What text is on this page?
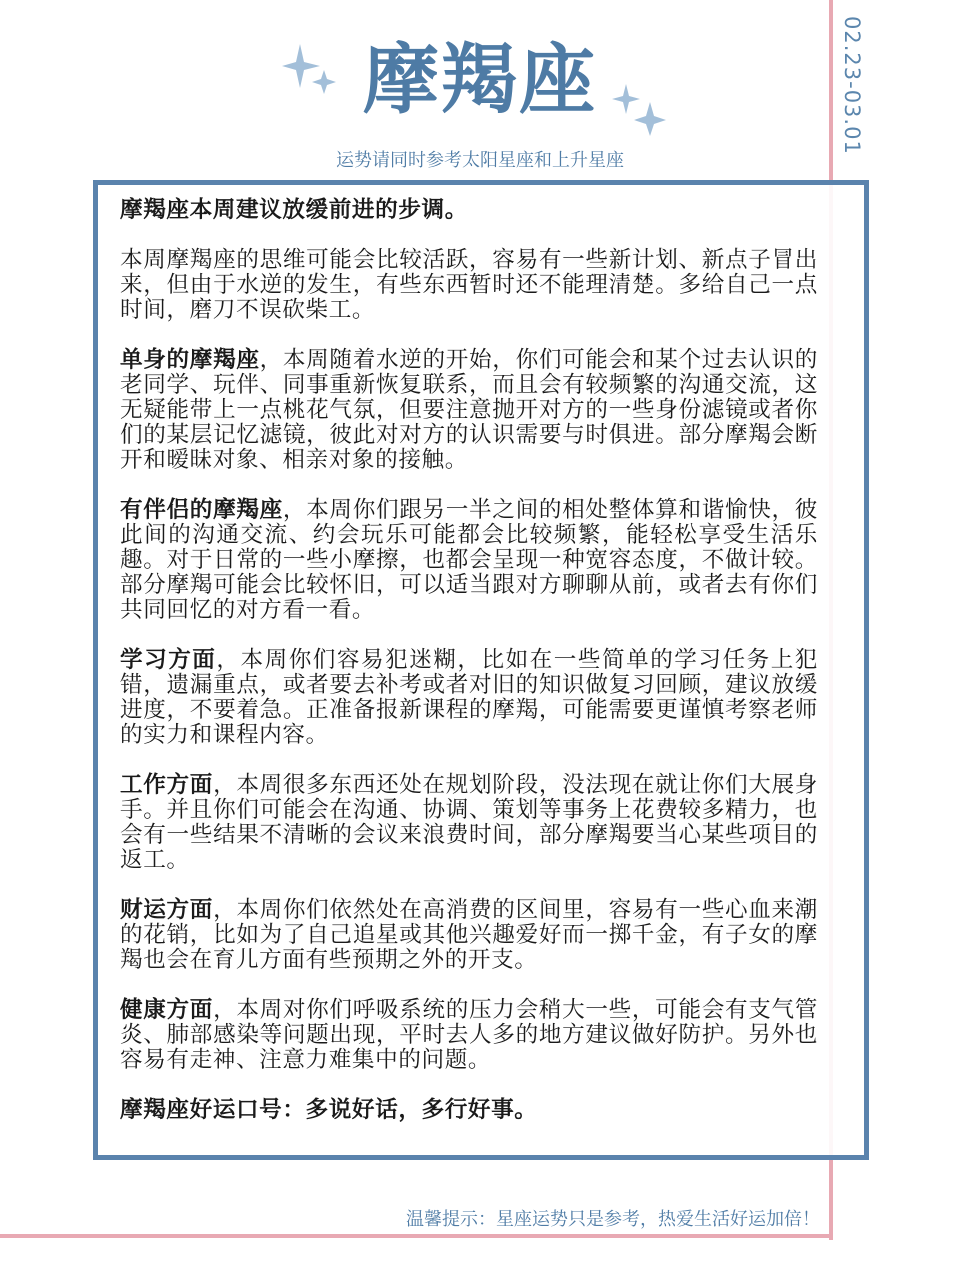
02.23-03.01
摩羯座
运势请同时参考太阳星座和上升星座

摩羯座本周建议放缓前进的步调。

本周摩羯座的思维可能会比较活跃，容易有一些新计划、新点子冒出来，但由于水逆的发生，有些东西暂时还不能理清楚。多给自己一点时间，磨刀不误砍柴工。

单身的摩羯座，本周随着水逆的开始，你们可能会和某个过去认识的老同学、玩伴、同事重新恢复联系，而且会有较频繁的沟通交流，这无疑能带上一点桃花气氛，但要注意抛开对方的一些身份滤镜或者你们的某层记忆滤镜，彼此对对方的认识需要与时俱进。部分摩羯会断开和暧昧对象、相亲对象的接触。

有伴侣的摩羯座，本周你们跟另一半之间的相处整体算和谐愉快，彼此间的沟通交流、约会玩乐可能都会比较频繁，能轻松享受生活乐趣。对于日常的一些小摩擦，也都会呈现一种宽容态度，不做计较。部分摩羯可能会比较怀旧，可以适当跟对方聊聊从前，或者去有你们共同回忆的对方看一看。

学习方面，本周你们容易犯迷糊，比如在一些简单的学习任务上犯错，遗漏重点，或者要去补考或者对旧的知识做复习回顾，建议放缓进度，不要着急。正准备报新课程的摩羯，可能需要更谨慎考察老师的实力和课程内容。

工作方面，本周很多东西还处在规划阶段，没法现在就让你们大展身手。并且你们可能会在沟通、协调、策划等事务上花费较多精力，也会有一些结果不清晰的会议来浪费时间，部分摩羯要当心某些项目的返工。

财运方面，本周你们依然处在高消费的区间里，容易有一些心血来潮的花销，比如为了自己追星或其他兴趣爱好而一掷千金，有子女的摩羯也会在育儿方面有些预期之外的开支。

健康方面，本周对你们呼吸系统的压力会稍大一些，可能会有支气管炎、肺部感染等问题出现，平时去人多的地方建议做好防护。另外也容易有走神、注意力难集中的问题。

摩羯座好运口号：多说好话，多行好事。

温馨提示：星座运势只是参考，热爱生活好运加倍！
